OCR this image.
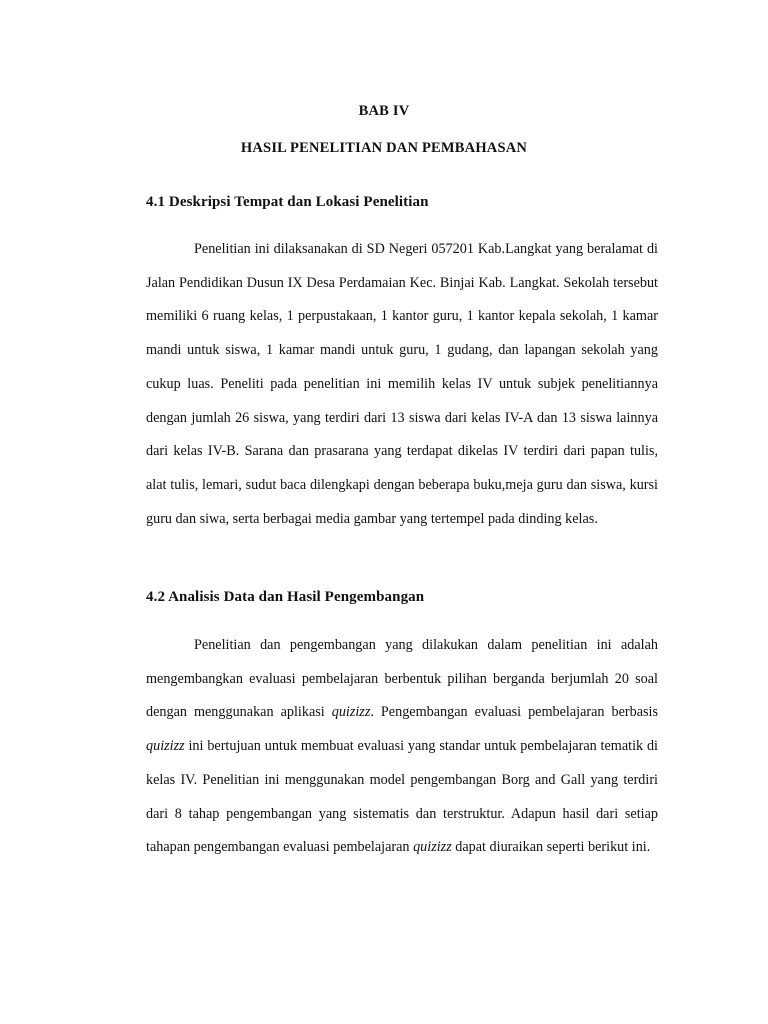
BAB IV
HASIL PENELITIAN DAN PEMBAHASAN
4.1 Deskripsi Tempat dan Lokasi Penelitian

Penelitian ini dilaksanakan di SD Negeri 057201 Kab.Langkat yang beralamat di Jalan Pendidikan Dusun IX Desa Perdamaian Kec. Binjai Kab. Langkat. Sekolah tersebut memiliki 6 ruang kelas, 1 perpustakaan, 1 kantor guru, 1 kantor kepala sekolah, 1 kamar mandi untuk siswa, 1 kamar mandi untuk guru, 1 gudang, dan lapangan sekolah yang cukup luas. Peneliti pada penelitian ini memilih kelas IV untuk subjek penelitiannya dengan jumlah 26 siswa, yang terdiri dari 13 siswa dari kelas IV-A dan 13 siswa lainnya dari kelas IV-B. Sarana dan prasarana yang terdapat dikelas IV terdiri dari papan tulis, alat tulis, lemari, sudut baca dilengkapi dengan beberapa buku,meja guru dan siswa, kursi guru dan siwa, serta berbagai media gambar yang tertempel pada dinding kelas.

4.2 Analisis Data dan Hasil Pengembangan

Penelitian dan pengembangan yang dilakukan dalam penelitian ini adalah mengembangkan evaluasi pembelajaran berbentuk pilihan berganda berjumlah 20 soal dengan menggunakan aplikasi quizizz. Pengembangan evaluasi pembelajaran berbasis quizizz ini bertujuan untuk membuat evaluasi yang standar untuk pembelajaran tematik di kelas IV. Penelitian ini menggunakan model pengembangan Borg and Gall yang terdiri dari 8 tahap pengembangan yang sistematis dan terstruktur. Adapun hasil dari setiap tahapan pengembangan evaluasi pembelajaran quizizz dapat diuraikan seperti berikut ini.
